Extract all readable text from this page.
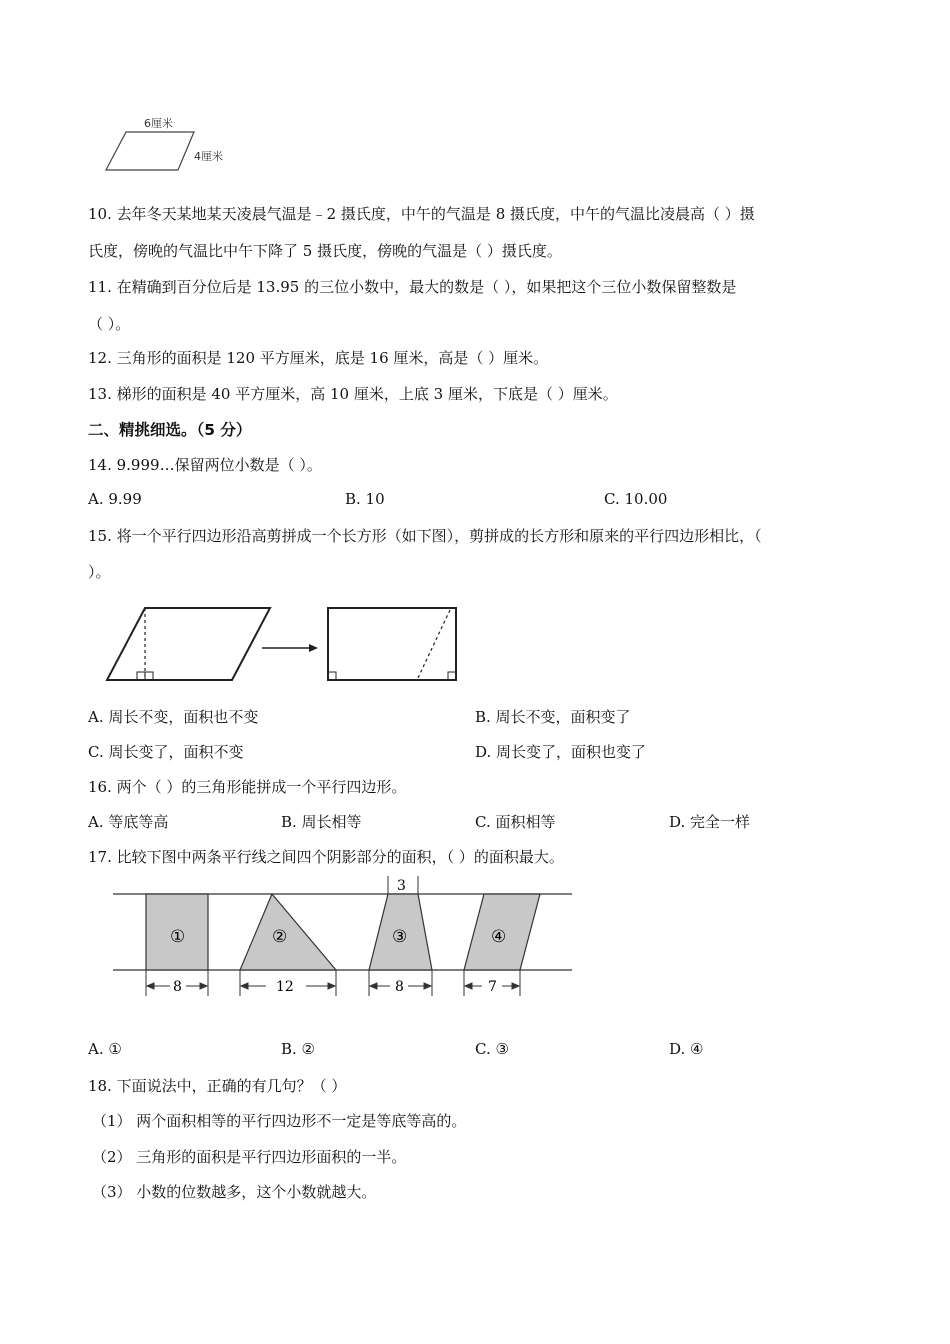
6厘米
4厘米
10. 去年冬天某地某天凌晨气温是﹣2 摄氏度，中午的气温是 8 摄氏度，中午的气温比凌晨高（ ）摄
氏度，傍晚的气温比中午下降了 5 摄氏度，傍晚的气温是（ ）摄氏度。
11. 在精确到百分位后是 13.95 的三位小数中，最大的数是（ ），如果把这个三位小数保留整数是
（ ）。
12. 三角形的面积是 120 平方厘米，底是 16 厘米，高是（ ）厘米。
13. 梯形的面积是 40 平方厘米，高 10 厘米，上底 3 厘米，下底是（ ）厘米。
二、精挑细选。（5 分）
14. 9.999…保留两位小数是（ ）。
A. 9.99	B. 10	C. 10.00
15. 将一个平行四边形沿高剪拼成一个长方形（如下图），剪拼成的长方形和原来的平行四边形相比，（
）。
A. 周长不变，面积也不变	B. 周长不变，面积变了
C. 周长变了，面积不变	D. 周长变了，面积也变了
16. 两个（ ）的三角形能拼成一个平行四边形。
A. 等底等高	B. 周长相等	C. 面积相等	D. 完全一样
17. 比较下图中两条平行线之间四个阴影部分的面积，（ ）的面积最大。
3
①	②	③	④
8	12	8	7
A. ①	B. ②	C. ③	D. ④
18. 下面说法中，正确的有几句？（ ）
（1） 两个面积相等的平行四边形不一定是等底等高的。
（2） 三角形的面积是平行四边形面积的一半。
（3） 小数的位数越多，这个小数就越大。
